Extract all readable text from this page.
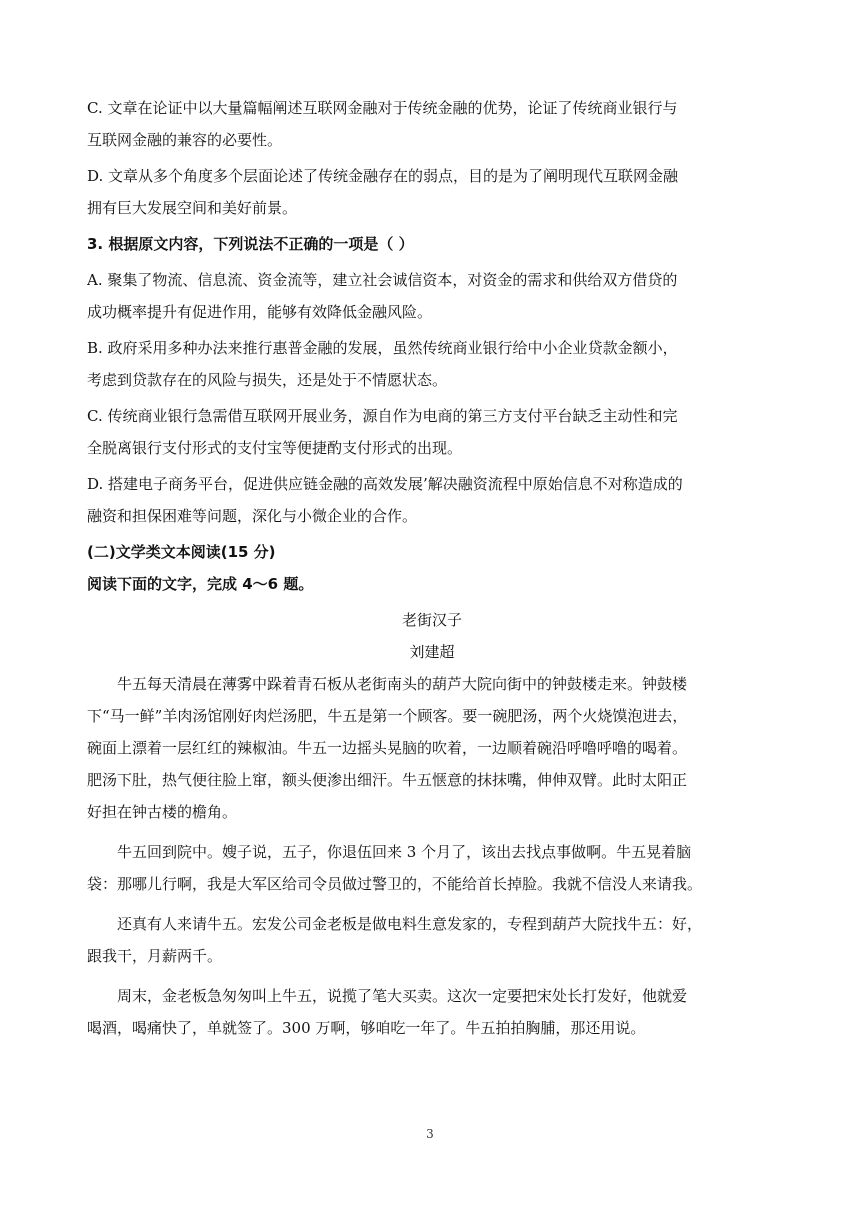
C. 文章在论证中以大量篇幅阐述互联网金融对于传统金融的优势，论证了传统商业银行与
互联网金融的兼容的必要性。
D. 文章从多个角度多个层面论述了传统金融存在的弱点，目的是为了阐明现代互联网金融
拥有巨大发展空间和美好前景。
3. 根据原文内容，下列说法不正确的一项是（ ）
A. 聚集了物流、信息流、资金流等，建立社会诚信资本，对资金的需求和供给双方借贷的
成功概率提升有促进作用，能够有效降低金融风险。
B. 政府采用多种办法来推行惠普金融的发展，虽然传统商业银行给中小企业贷款金额小，
考虑到贷款存在的风险与损失，还是处于不情愿状态。
C. 传统商业银行急需借互联网开展业务，源自作为电商的第三方支付平台缺乏主动性和完
全脱离银行支付形式的支付宝等便捷酌支付形式的出现。
D. 搭建电子商务平台，促进供应链金融的高效发展’解决融资流程中原始信息不对称造成的
融资和担保困难等问题，深化与小微企业的合作。
(二)文学类文本阅读(15 分)
阅读下面的文字，完成 4～6 题。
老街汉子
刘建超
牛五每天清晨在薄雾中跺着青石板从老街南头的葫芦大院向街中的钟鼓楼走来。钟鼓楼
下“马一鲜”羊肉汤馆刚好肉烂汤肥，牛五是第一个顾客。要一碗肥汤，两个火烧馍泡进去，
碗面上漂着一层红红的辣椒油。牛五一边摇头晃脑的吹着，一边顺着碗沿呼噜呼噜的喝着。
肥汤下肚，热气便往脸上窜，额头便渗出细汗。牛五惬意的抹抹嘴，伸伸双臂。此时太阳正
好担在钟古楼的檐角。
牛五回到院中。嫂子说，五子，你退伍回来 3 个月了，该出去找点事做啊。牛五晃着脑
袋：那哪儿行啊，我是大军区给司令员做过警卫的，不能给首长掉脸。我就不信没人来请我。
还真有人来请牛五。宏发公司金老板是做电料生意发家的，专程到葫芦大院找牛五：好，
跟我干，月薪两千。
周末，金老板急匆匆叫上牛五，说揽了笔大买卖。这次一定要把宋处长打发好，他就爱
喝酒，喝痛快了，单就签了。300 万啊，够咱吃一年了。牛五拍拍胸脯，那还用说。
3
